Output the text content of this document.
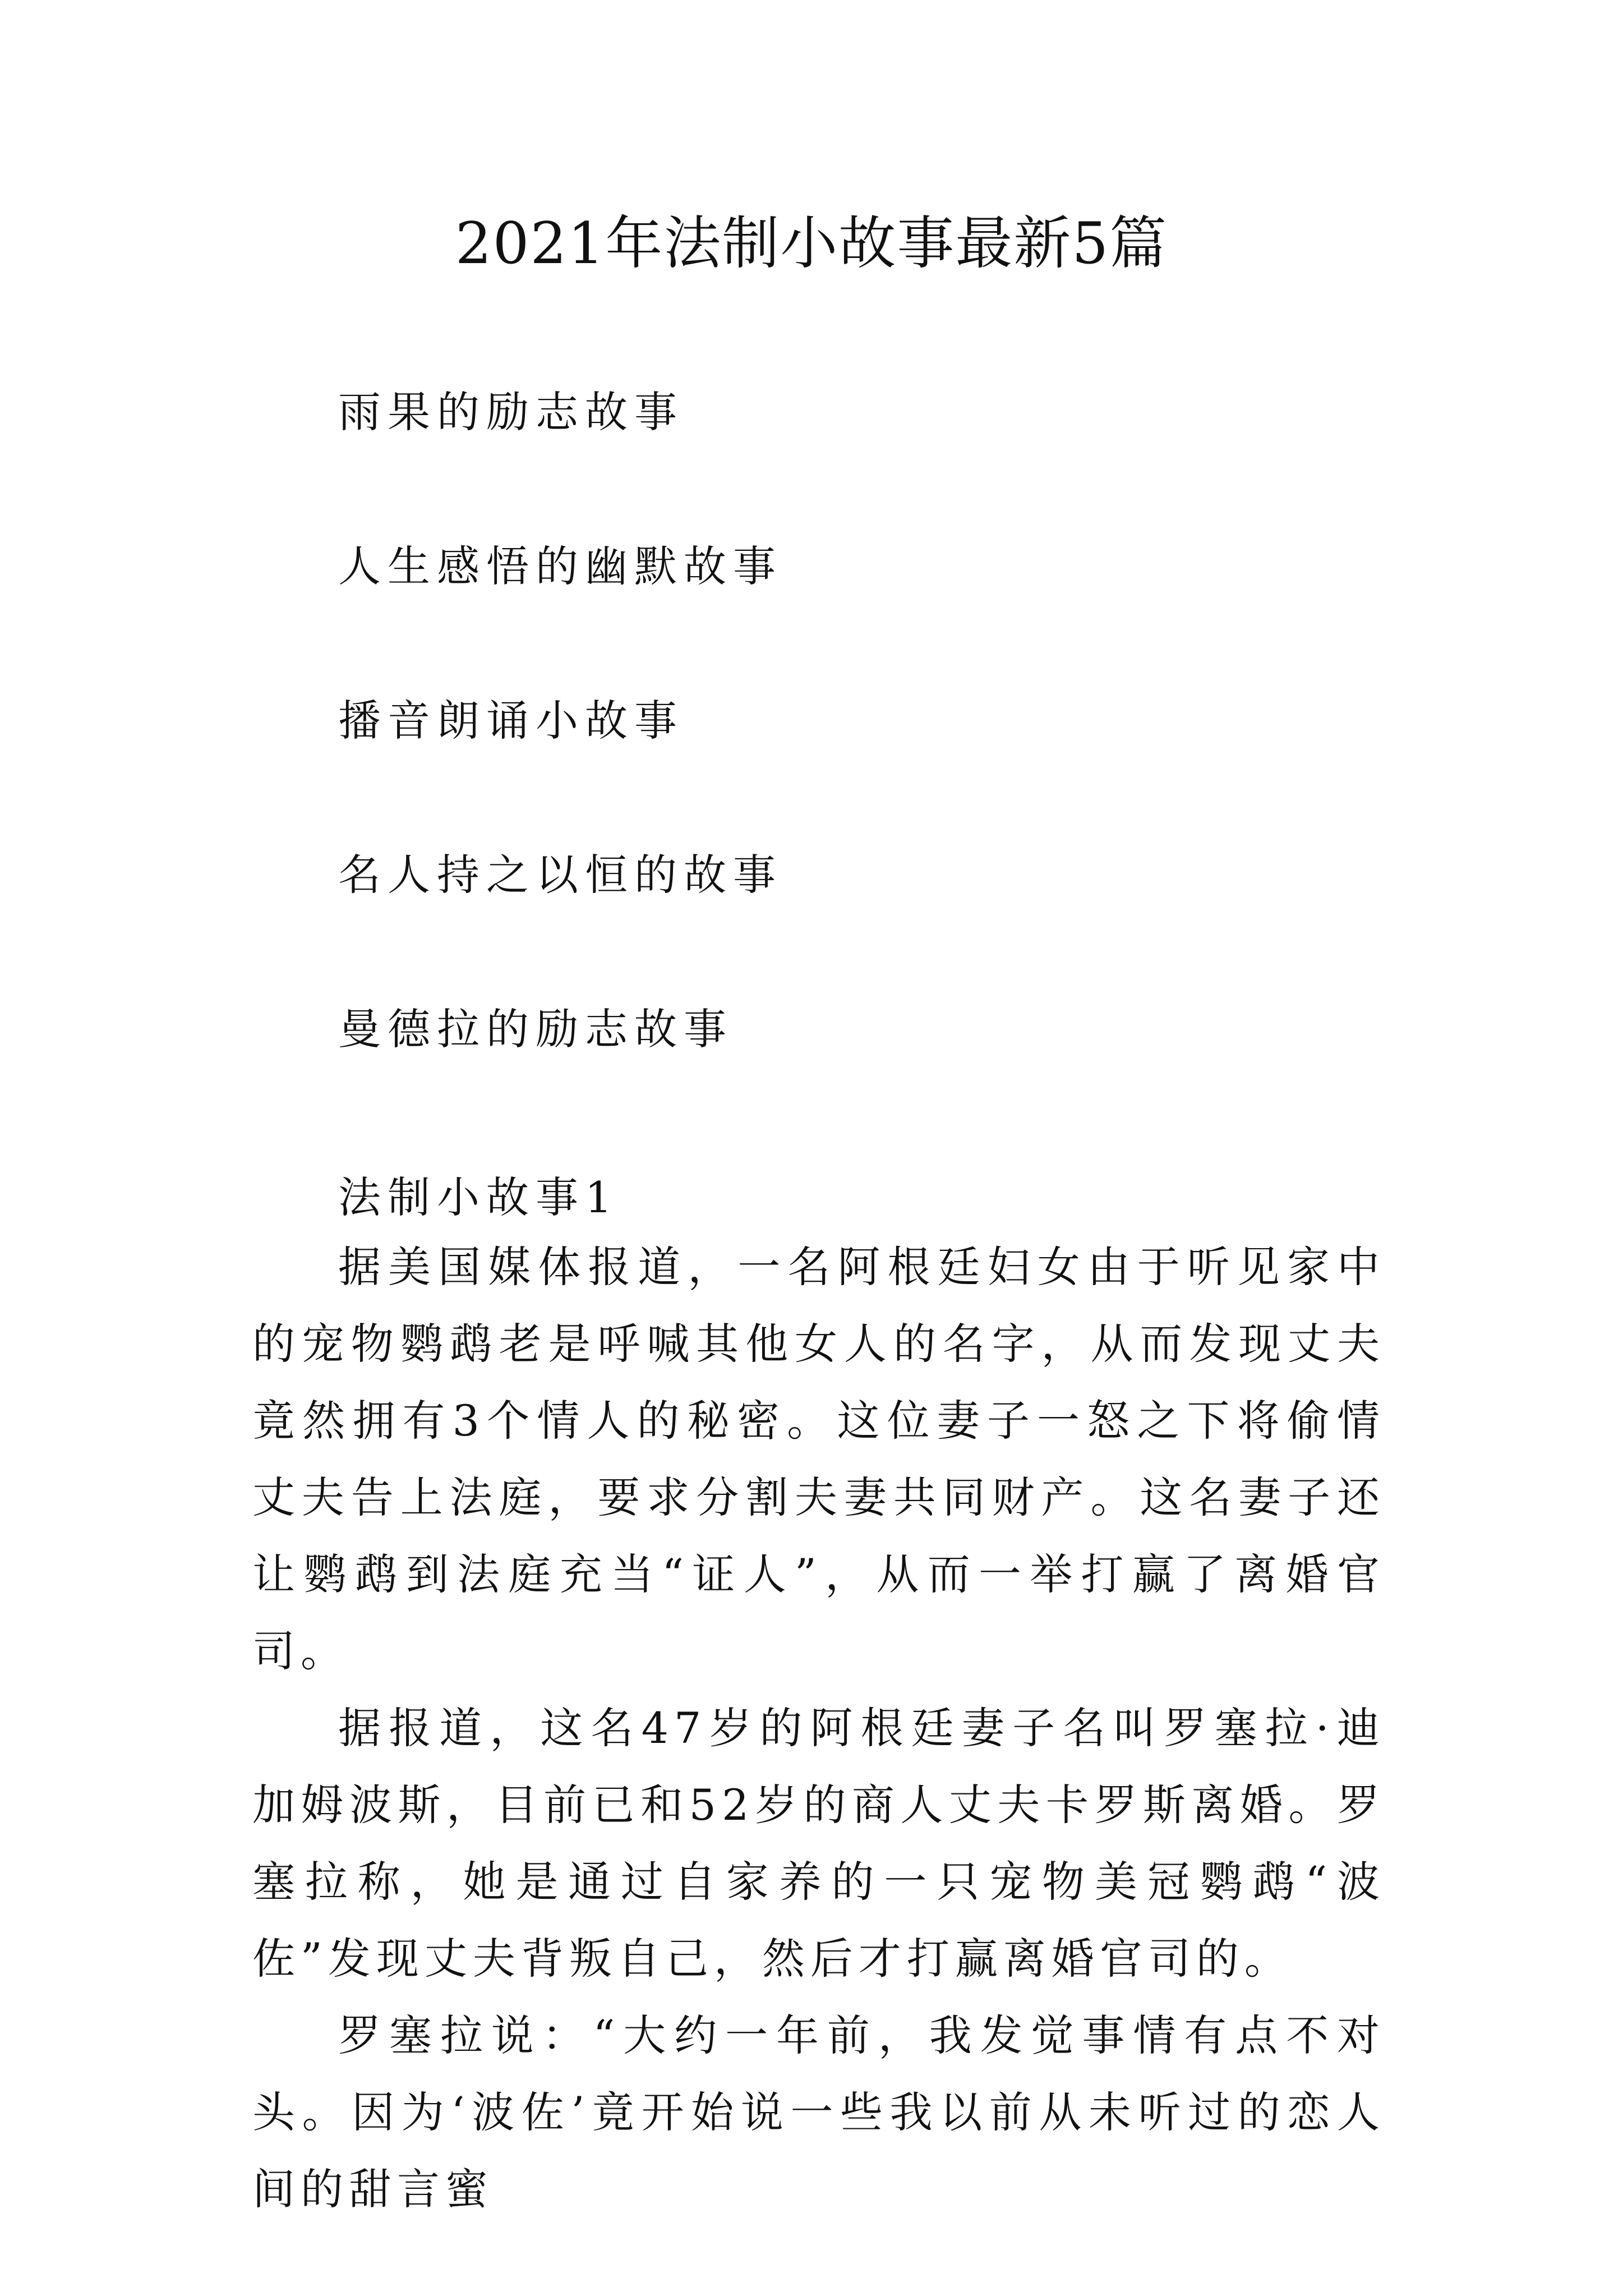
2021年法制小故事最新5篇
雨果的励志故事
人生感悟的幽默故事
播音朗诵小故事
名人持之以恒的故事
曼德拉的励志故事
法制小故事1

据美国媒体报道，一名阿根廷妇女由于听见家中的宠物鹦鹉老是呼喊其他女人的名字，从而发现丈夫竟然拥有3个情人的秘密。这位妻子一怒之下将偷情丈夫告上法庭，要求分割夫妻共同财产。这名妻子还让鹦鹉到法庭充当“证人”，从而一举打赢了离婚官司。

据报道，这名47岁的阿根廷妻子名叫罗塞拉·迪加姆波斯，目前已和52岁的商人丈夫卡罗斯离婚。罗塞拉称，她是通过自家养的一只宠物美冠鹦鹉“波佐”发现丈夫背叛自己，然后才打赢离婚官司的。

罗塞拉说：“大约一年前，我发觉事情有点不对头。因为‘波佐’竟开始说一些我以前从未听过的恋人间的甜言蜜
